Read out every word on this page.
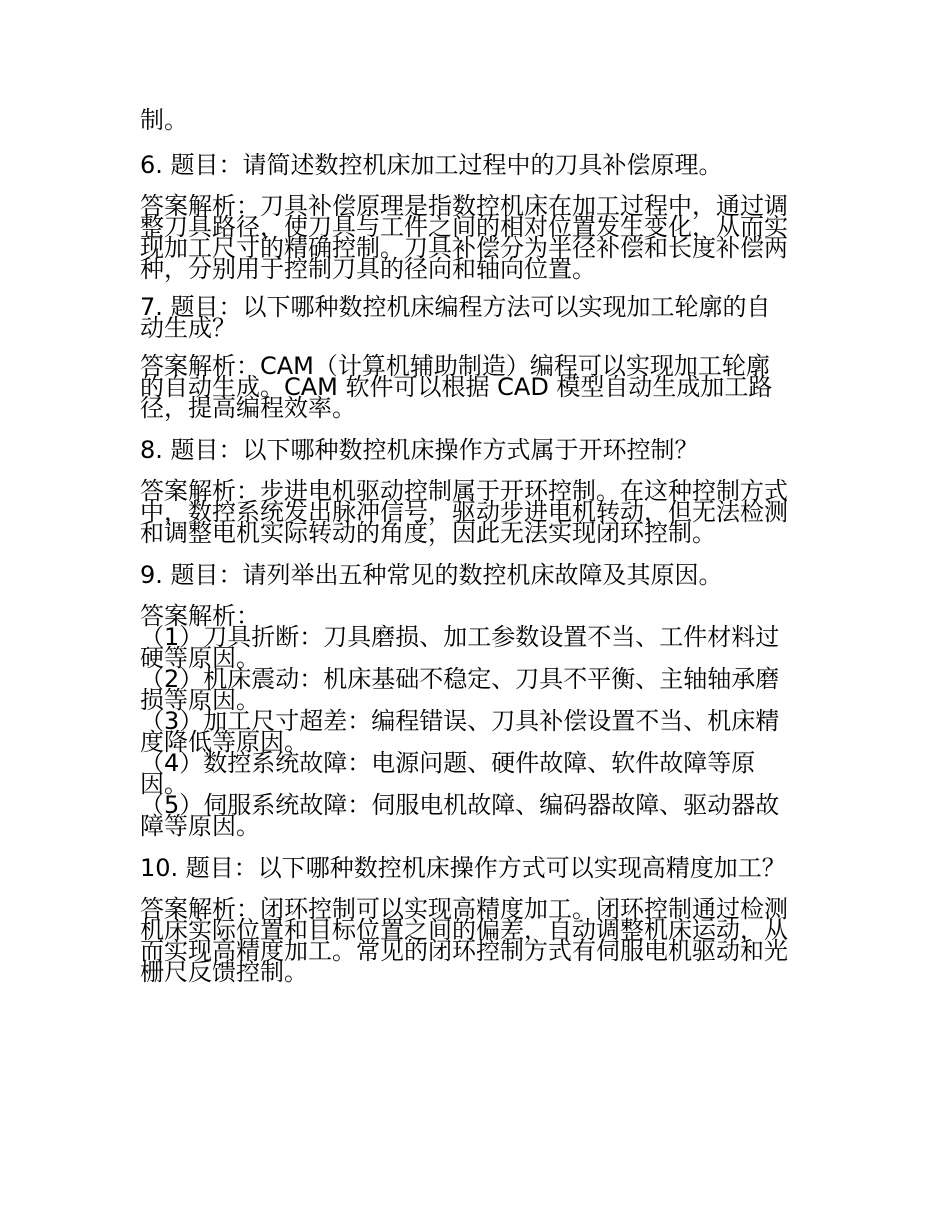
制。
6. 题目：请简述数控机床加工过程中的刀具补偿原理。
答案解析：刀具补偿原理是指数控机床在加工过程中，通过调
整刀具路径，使刀具与工件之间的相对位置发生变化，从而实
现加工尺寸的精确控制。刀具补偿分为半径补偿和长度补偿两
种，分别用于控制刀具的径向和轴向位置。
7. 题目：以下哪种数控机床编程方法可以实现加工轮廓的自
动生成？
答案解析：CAM（计算机辅助制造）编程可以实现加工轮廓
的自动生成。CAM 软件可以根据 CAD 模型自动生成加工路
径，提高编程效率。
8. 题目：以下哪种数控机床操作方式属于开环控制？
答案解析：步进电机驱动控制属于开环控制。在这种控制方式
中，数控系统发出脉冲信号，驱动步进电机转动，但无法检测
和调整电机实际转动的角度，因此无法实现闭环控制。
9. 题目：请列举出五种常见的数控机床故障及其原因。
答案解析：
（1）刀具折断：刀具磨损、加工参数设置不当、工件材料过
硬等原因。
（2）机床震动：机床基础不稳定、刀具不平衡、主轴轴承磨
损等原因。
（3）加工尺寸超差：编程错误、刀具补偿设置不当、机床精
度降低等原因。
（4）数控系统故障：电源问题、硬件故障、软件故障等原
因。
（5）伺服系统故障：伺服电机故障、编码器故障、驱动器故
障等原因。
10. 题目：以下哪种数控机床操作方式可以实现高精度加工？
答案解析：闭环控制可以实现高精度加工。闭环控制通过检测
机床实际位置和目标位置之间的偏差，自动调整机床运动，从
而实现高精度加工。常见的闭环控制方式有伺服电机驱动和光
栅尺反馈控制。
